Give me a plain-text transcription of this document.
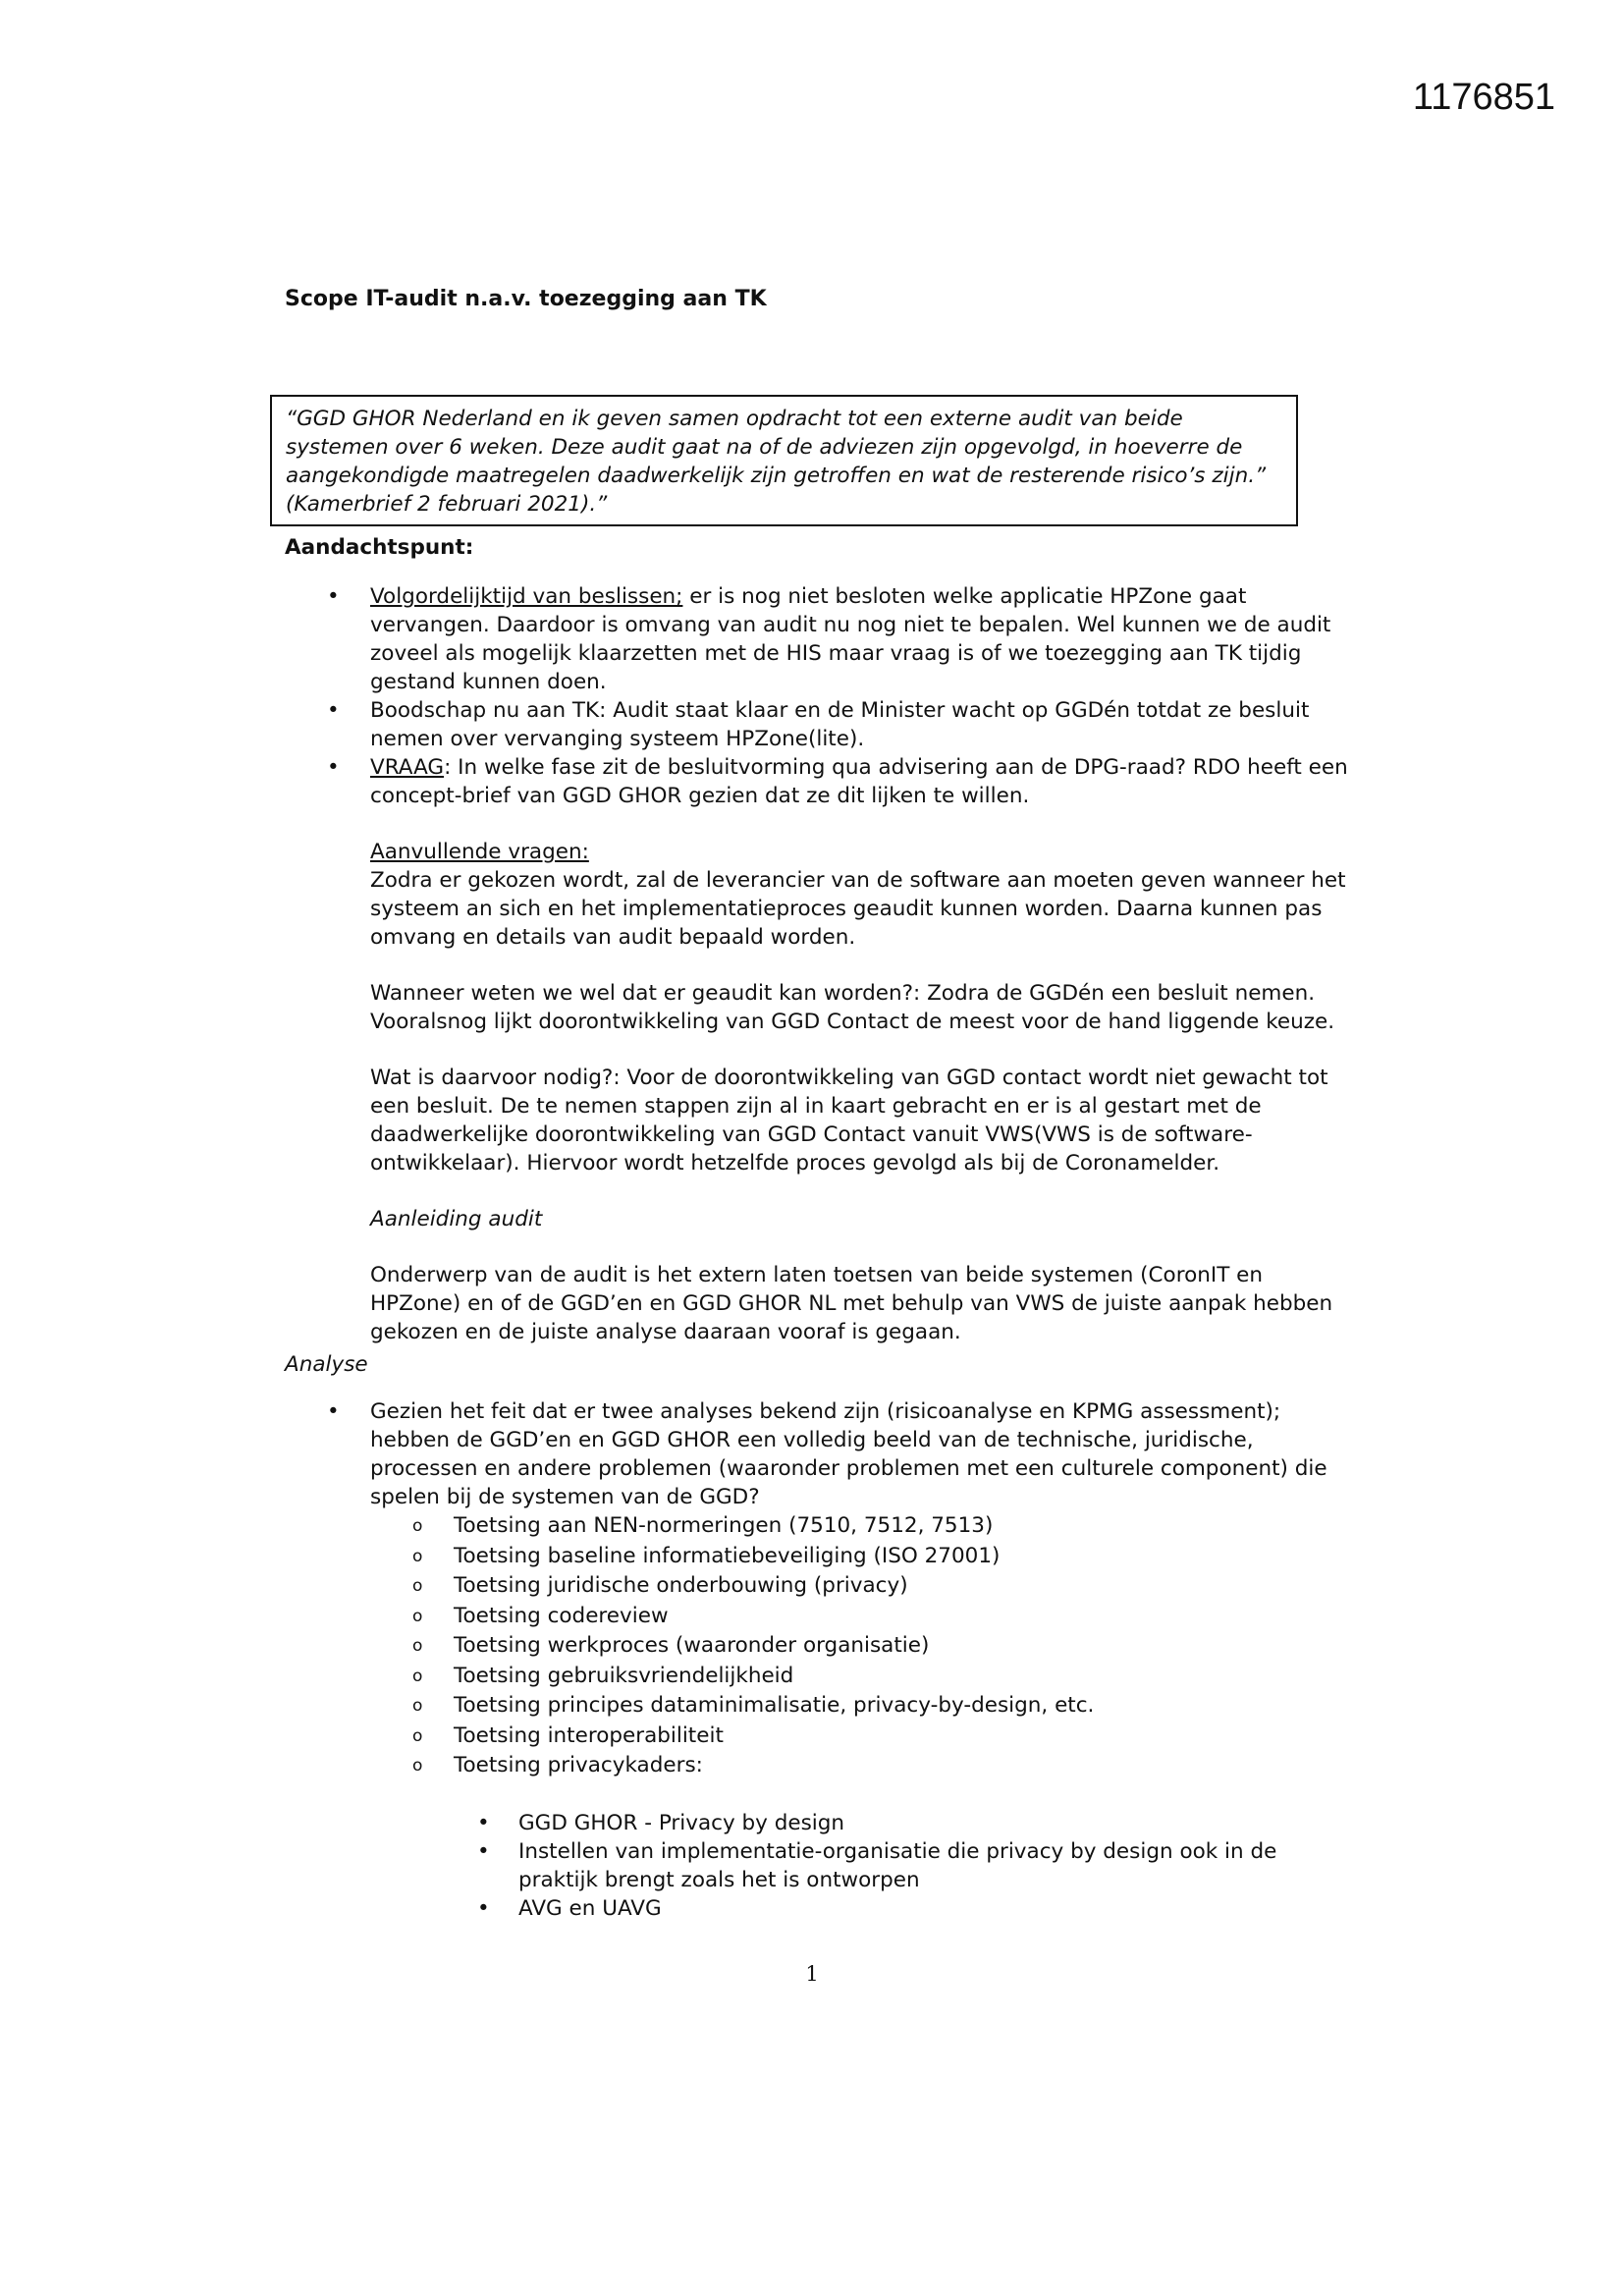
1176851
Scope IT-audit n.a.v. toezegging aan TK

“GGD GHOR Nederland en ik geven samen opdracht tot een externe audit van beide systemen over 6 weken. Deze audit gaat na of de adviezen zijn opgevolgd, in hoeverre de aangekondigde maatregelen daadwerkelijk zijn getroffen en wat de resterende risico’s zijn.” (Kamerbrief 2 februari 2021).”

Aandachtspunt:
• Volgordelijktijd van beslissen; er is nog niet besloten welke applicatie HPZone gaat vervangen. Daardoor is omvang van audit nu nog niet te bepalen. Wel kunnen we de audit zoveel als mogelijk klaarzetten met de HIS maar vraag is of we toezegging aan TK tijdig gestand kunnen doen.
• Boodschap nu aan TK: Audit staat klaar en de Minister wacht op GGDén totdat ze besluit nemen over vervanging systeem HPZone(lite).
• VRAAG: In welke fase zit de besluitvorming qua advisering aan de DPG-raad? RDO heeft een concept-brief van GGD GHOR gezien dat ze dit lijken te willen.

Aanvullende vragen:

Zodra er gekozen wordt, zal de leverancier van de software aan moeten geven wanneer het systeem an sich en het implementatieproces geaudit kunnen worden. Daarna kunnen pas omvang en details van audit bepaald worden.

Wanneer weten we wel dat er geaudit kan worden?: Zodra de GGDén een besluit nemen. Vooralsnog lijkt doorontwikkeling van GGD Contact de meest voor de hand liggende keuze.

Wat is daarvoor nodig?: Voor de doorontwikkeling van GGD contact wordt niet gewacht tot een besluit. De te nemen stappen zijn al in kaart gebracht en er is al gestart met de daadwerkelijke doorontwikkeling van GGD Contact vanuit VWS(VWS is de software-ontwikkelaar). Hiervoor wordt hetzelfde proces gevolgd als bij de Coronamelder.

Aanleiding audit

Onderwerp van de audit is het extern laten toetsen van beide systemen (CoronIT en HPZone) en of de GGD’en en GGD GHOR NL met behulp van VWS de juiste aanpak hebben gekozen en de juiste analyse daaraan vooraf is gegaan.

Analyse
• Gezien het feit dat er twee analyses bekend zijn (risicoanalyse en KPMG assessment); hebben de GGD’en en GGD GHOR een volledig beeld van de technische, juridische, processen en andere problemen (waaronder problemen met een culturele component) die spelen bij de systemen van de GGD?
o Toetsing aan NEN-normeringen (7510, 7512, 7513)
o Toetsing baseline informatiebeveiliging (ISO 27001)
o Toetsing juridische onderbouwing (privacy)
o Toetsing codereview
o Toetsing werkproces (waaronder organisatie)
o Toetsing gebruiksvriendelijkheid
o Toetsing principes dataminimalisatie, privacy-by-design, etc.
o Toetsing interoperabiliteit
o Toetsing privacykaders:
• GGD GHOR - Privacy by design
• Instellen van implementatie-organisatie die privacy by design ook in de praktijk brengt zoals het is ontworpen
• AVG en UAVG
1
